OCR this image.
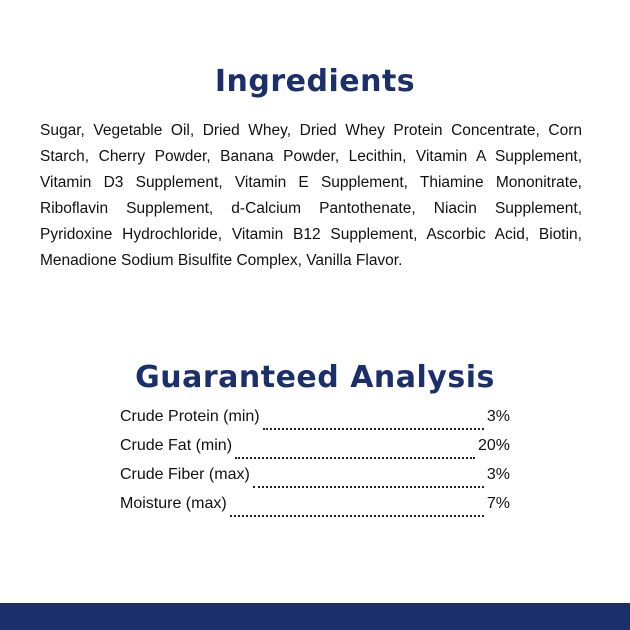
Ingredients

Sugar, Vegetable Oil, Dried Whey, Dried Whey Protein Concentrate, Corn Starch, Cherry Powder, Banana Powder, Lecithin, Vitamin A Supplement, Vitamin D3 Supplement, Vitamin E Supplement, Thiamine Mononitrate, Riboflavin Supplement, d-Calcium Pantothenate, Niacin Supplement, Pyridoxine Hydrochloride, Vitamin B12 Supplement, Ascorbic Acid, Biotin, Menadione Sodium Bisulfite Complex, Vanilla Flavor.

Guaranteed Analysis
Crude Protein (min)	3%
Crude Fat (min)	20%
Crude Fiber (max)	3%
Moisture (max)	7%
